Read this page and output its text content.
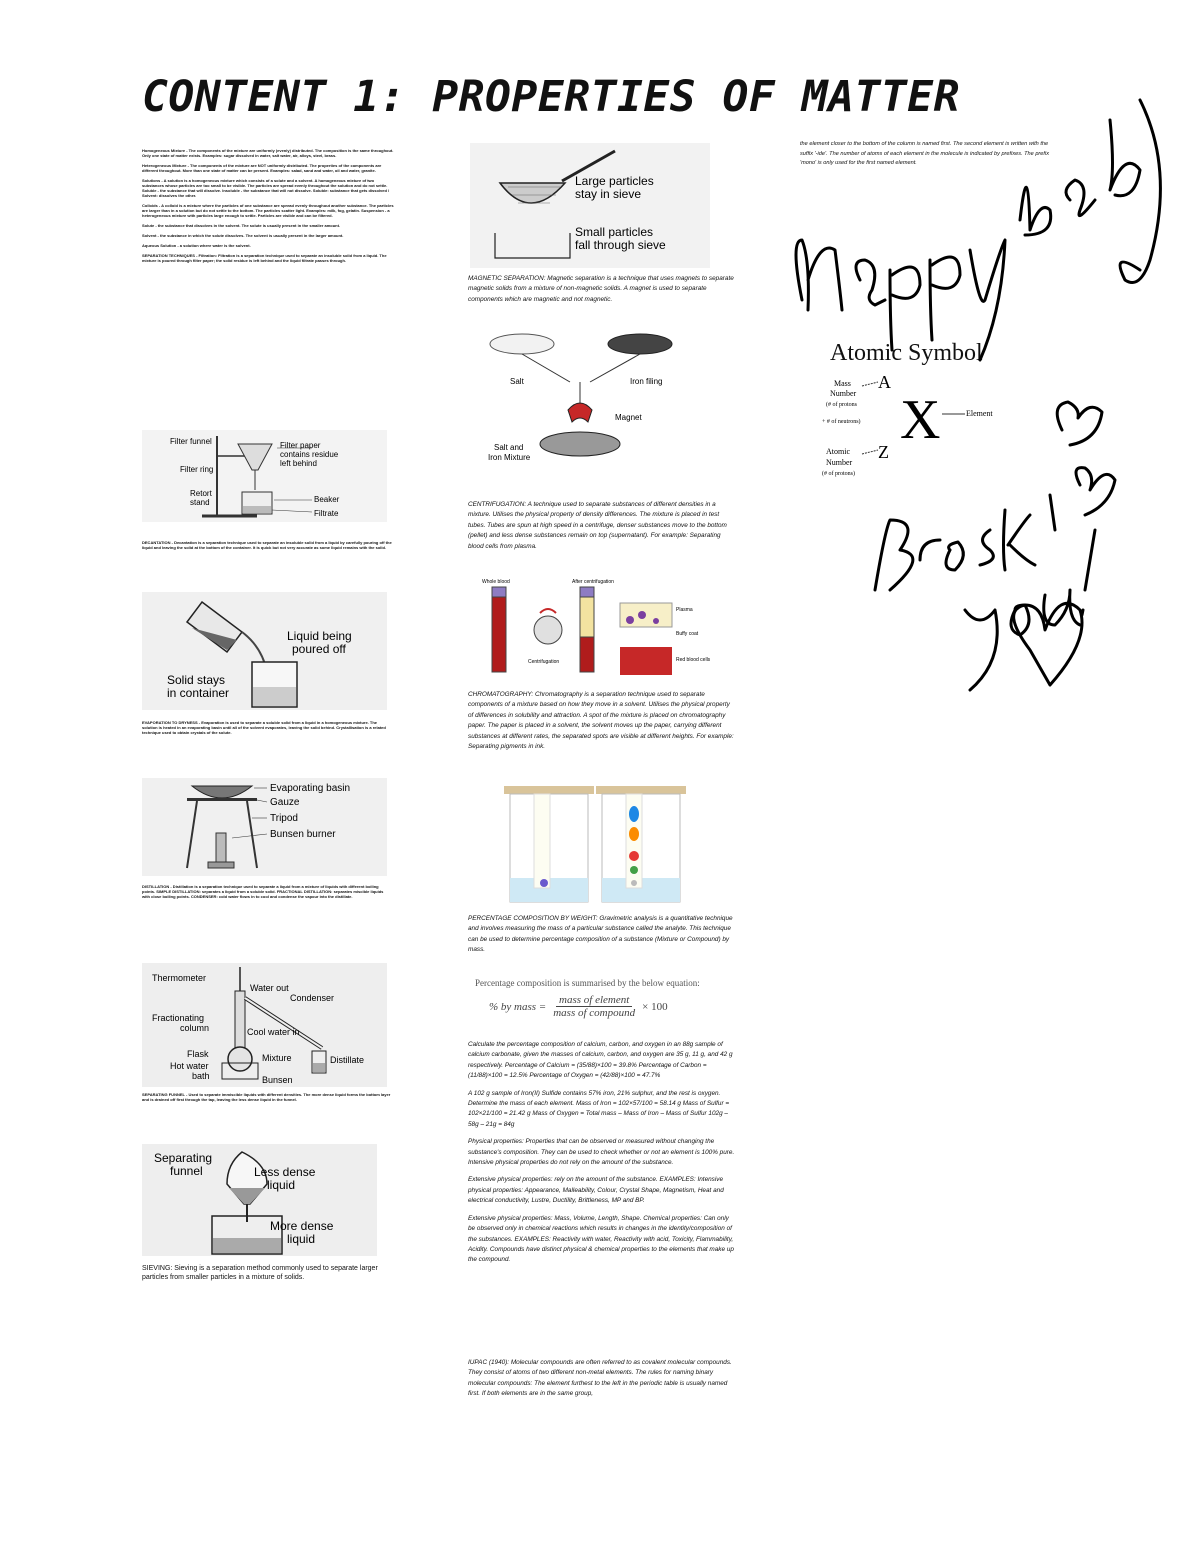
CONTENT 1: PROPERTIES OF MATTER

Homogeneous Mixture - The components of the mixture are uniformly (evenly) distributed. The composition is the same throughout. Only one state of matter exists. Examples: sugar dissolved in water, salt water, air, alloys, steel, brass.

Heterogeneous Mixture - The components of the mixture are NOT uniformly distributed. The properties of the components are different throughout. More than one state of matter can be present. Examples: salad, sand and water, oil and water, granite.

Solutions - A solution is a homogeneous mixture which consists of a solute and a solvent. A homogeneous mixture of two substances whose particles are too small to be visible. The particles are spread evenly throughout the solution and do not settle. Soluble - the substance that will dissolve. Insoluble - the substance that will not dissolve. Soluble: substance that gets dissolved / Solvent: dissolves the other.

Colloids - A colloid is a mixture where the particles of one substance are spread evenly throughout another substance. The particles are larger than in a solution but do not settle to the bottom. The particles scatter light. Examples: milk, fog, gelatin. Suspension - a heterogeneous mixture with particles large enough to settle. Particles are visible and can be filtered.

Solute - the substance that dissolves in the solvent. The solute is usually present in the smaller amount.

Solvent - the substance in which the solute dissolves. The solvent is usually present in the larger amount.

Aqueous Solution - a solution where water is the solvent.

SEPARATION TECHNIQUES - Filtration: Filtration is a separation technique used to separate an insoluble solid from a liquid. The mixture is poured through filter paper; the solid residue is left behind and the liquid filtrate passes through.

Filter funnel
Filter ring
Retort
stand
Filter paper
contains residue
left behind
Beaker
Filtrate

DECANTATION - Decantation is a separation technique used to separate an insoluble solid from a liquid by carefully pouring off the liquid and leaving the solid at the bottom of the container. It is quick but not very accurate as some liquid remains with the solid.

Liquid being
poured off
Solid stays
in container

EVAPORATION TO DRYNESS - Evaporation is used to separate a soluble solid from a liquid in a homogeneous mixture. The solution is heated in an evaporating basin until all of the solvent evaporates, leaving the solid behind. Crystallisation is a related technique used to obtain crystals of the solute.

Evaporating basin
Gauze
Tripod
Bunsen burner

DISTILLATION - Distillation is a separation technique used to separate a liquid from a mixture of liquids with different boiling points. SIMPLE DISTILLATION: separates a liquid from a soluble solid. FRACTIONAL DISTILLATION: separates miscible liquids with close boiling points. CONDENSER: cold water flows in to cool and condense the vapour into the distillate.

Thermometer
Water out
Condenser
Fractionating
column	Cool water in
Flask
Hot water
bath
Mixture	Distillate
Bunsen

SEPARATING FUNNEL - Used to separate immiscible liquids with different densities. The more dense liquid forms the bottom layer and is drained off first through the tap, leaving the less dense liquid in the funnel.

Separating
funnel	Less dense
liquid
More dense
liquid

SIEVING: Sieving is a separation method commonly used to separate larger particles from smaller particles in a mixture of solids.

Large particles
stay in sieve
Small particles
fall through sieve

MAGNETIC SEPARATION: Magnetic separation is a technique that uses magnets to separate magnetic solids from a mixture of non-magnetic solids. A magnet is used to separate components which are magnetic and not magnetic.

Salt	Iron filing
Magnet
Salt and
Iron Mixture

CENTRIFUGATION: A technique used to separate substances of different densities in a mixture. Utilises the physical property of density differences. The mixture is placed in test tubes. Tubes are spun at high speed in a centrifuge, denser substances move to the bottom (pellet) and less dense substances remain on top (supernatant). For example: Separating blood cells from plasma.

Whole blood
Centrifugation
After centrifugation
Plasma
Buffy coat
Red blood cells

CHROMATOGRAPHY: Chromatography is a separation technique used to separate components of a mixture based on how they move in a solvent. Utilises the physical property of differences in solubility and attraction. A spot of the mixture is placed on chromatography paper. The paper is placed in a solvent, the solvent moves up the paper, carrying different substances at different rates, the separated spots are visible at different heights. For example: Separating pigments in ink.

PERCENTAGE COMPOSITION BY WEIGHT: Gravimetric analysis is a quantitative technique and involves measuring the mass of a particular substance called the analyte. This technique can be used to determine percentage composition of a substance (Mixture or Compound) by mass.

Percentage composition is summarised by the below equation:
% by mass =
mass of element
mass of compound
× 100

Calculate the percentage composition of calcium, carbon, and oxygen in an 88g sample of calcium carbonate, given the masses of calcium, carbon, and oxygen are 35 g, 11 g, and 42 g respectively. Percentage of Calcium = (35/88)×100 = 39.8% Percentage of Carbon = (11/88)×100 = 12.5% Percentage of Oxygen = (42/88)×100 = 47.7%

A 102 g sample of Iron(II) Sulfide contains 57% iron, 21% sulphur, and the rest is oxygen. Determine the mass of each element. Mass of Iron = 102×57/100 = 58.14 g Mass of Sulfur = 102×21/100 = 21.42 g Mass of Oxygen = Total mass – Mass of Iron – Mass of Sulfur 102g – 58g – 21g = 84g

Physical properties: Properties that can be observed or measured without changing the substance's composition. They can be used to check whether or not an element is 100% pure. Intensive physical properties do not rely on the amount of the substance.

Extensive physical properties: rely on the amount of the substance. EXAMPLES: Intensive physical properties: Appearance, Malleability, Colour, Crystal Shape, Magnetism, Heat and electrical conductivity, Lustre, Ductility, Brittleness, MP and BP.

Extensive physical properties: Mass, Volume, Length, Shape. Chemical properties: Can only be observed only in chemical reactions which results in changes in the identity/composition of the substances. EXAMPLES: Reactivity with water, Reactivity with acid, Toxicity, Flammability, Acidity. Compounds have distinct physical & chemical properties to the elements that make up the compound.

IUPAC (1940): Molecular compounds are often referred to as covalent molecular compounds. They consist of atoms of two different non-metal elements. The rules for naming binary molecular compounds: The element furthest to the left in the periodic table is usually named first. If both elements are in the same group,

the element closer to the bottom of the column is named first. The second element is written with the suffix '-ide'. The number of atoms of each element in the molecule is indicated by prefixes. The prefix 'mono' is only used for the first named element.

Atomic Symbol
Mass
Number
(# of protons
+ # of neutrons)
A
X	Element
Z
Atomic
Number
(# of protons)
